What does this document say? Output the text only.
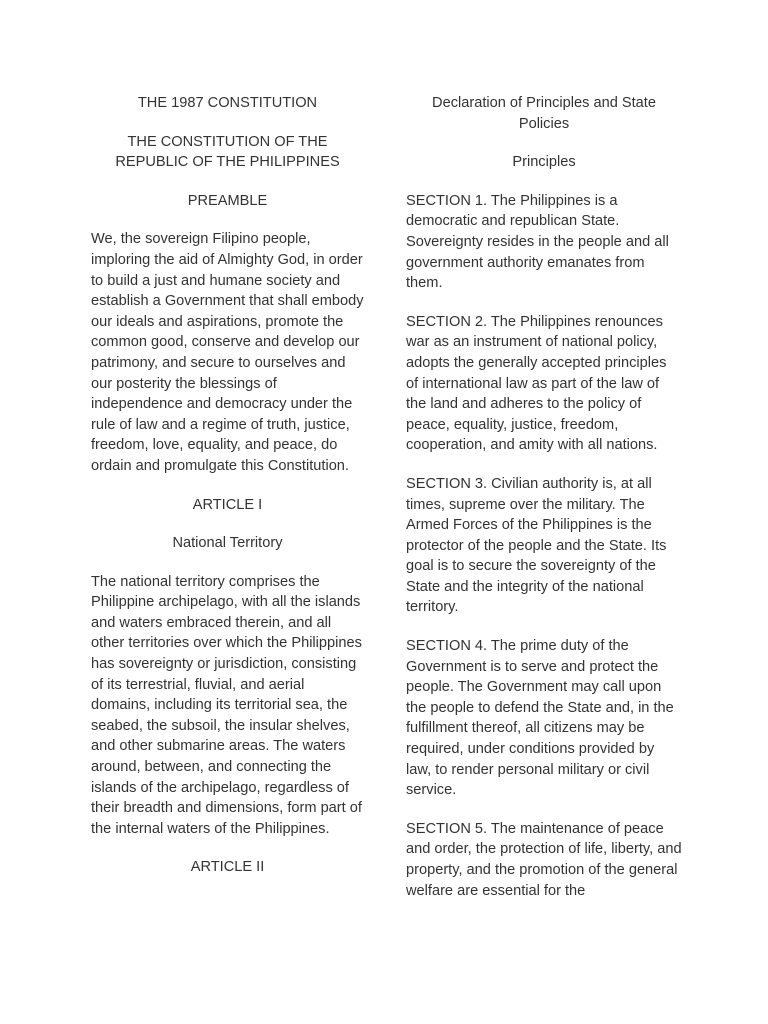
THE 1987 CONSTITUTION

THE CONSTITUTION OF THE REPUBLIC OF THE PHILIPPINES

PREAMBLE

We, the sovereign Filipino people, imploring the aid of Almighty God, in order to build a just and humane society and establish a Government that shall embody our ideals and aspirations, promote the common good, conserve and develop our patrimony, and secure to ourselves and our posterity the blessings of independence and democracy under the rule of law and a regime of truth, justice, freedom, love, equality, and peace, do ordain and promulgate this Constitution.

ARTICLE I

National Territory

The national territory comprises the Philippine archipelago, with all the islands and waters embraced therein, and all other territories over which the Philippines has sovereignty or jurisdiction, consisting of its terrestrial, fluvial, and aerial domains, including its territorial sea, the seabed, the subsoil, the insular shelves, and other submarine areas. The waters around, between, and connecting the islands of the archipelago, regardless of their breadth and dimensions, form part of the internal waters of the Philippines.

ARTICLE II

Declaration of Principles and State Policies

Principles

SECTION 1. The Philippines is a democratic and republican State. Sovereignty resides in the people and all government authority emanates from them.

SECTION 2. The Philippines renounces war as an instrument of national policy, adopts the generally accepted principles of international law as part of the law of the land and adheres to the policy of peace, equality, justice, freedom, cooperation, and amity with all nations.

SECTION 3. Civilian authority is, at all times, supreme over the military. The Armed Forces of the Philippines is the protector of the people and the State. Its goal is to secure the sovereignty of the State and the integrity of the national territory.

SECTION 4. The prime duty of the Government is to serve and protect the people. The Government may call upon the people to defend the State and, in the fulfillment thereof, all citizens may be required, under conditions provided by law, to render personal military or civil service.

SECTION 5. The maintenance of peace and order, the protection of life, liberty, and property, and the promotion of the general welfare are essential for the
